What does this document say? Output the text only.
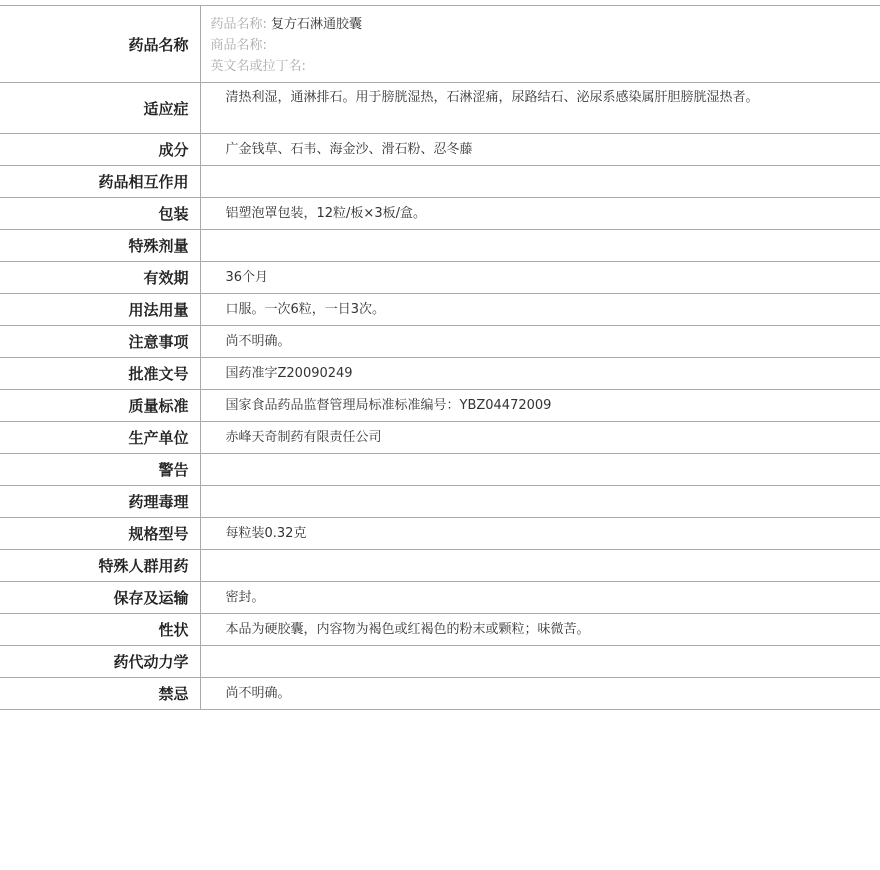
药品名称	药品名称: 复方石淋通胶囊
商品名称:
英文名或拉丁名:

适应症	清热利湿，通淋排石。用于膀胱湿热，石淋涩痛，尿路结石、泌尿系感染属肝胆膀胱湿热者。
成分	广金钱草、石韦、海金沙、滑石粉、忍冬藤
药品相互作用	
包装	铝塑泡罩包装，12粒/板×3板/盒。
特殊剂量	
有效期	36个月
用法用量	口服。一次6粒，一日3次。
注意事项	尚不明确。
批准文号	国药准字Z20090249
质量标准	国家食品药品监督管理局标准标准编号：YBZ04472009
生产单位	赤峰天奇制药有限责任公司
警告	
药理毒理	
规格型号	每粒装0.32克
特殊人群用药	
保存及运输	密封。
性状	本品为硬胶囊，内容物为褐色或红褐色的粉末或颗粒；味微苦。
药代动力学	
禁忌	尚不明确。
